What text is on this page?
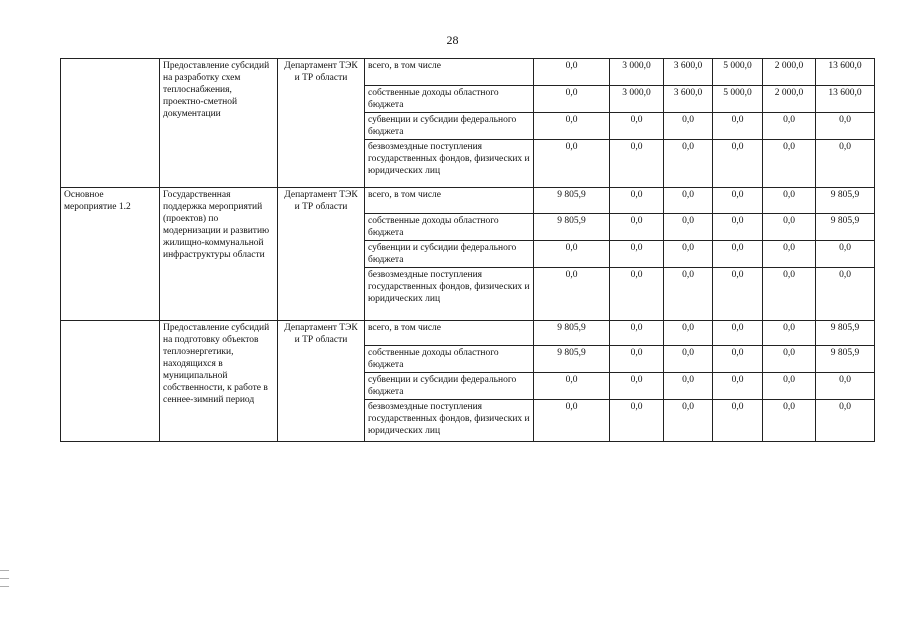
28
	Предоставление субсидий на разработку схем теплоснабжения, проектно-сметной документации	Департамент ТЭК и ТР области	всего, в том числе	0,0	3 000,0	3 600,0	5 000,0	2 000,0	13 600,0
			собственные доходы областного бюджета	0,0	3 000,0	3 600,0	5 000,0	2 000,0	13 600,0
			субвенции и субсидии федерального бюджета	0,0	0,0	0,0	0,0	0,0	0,0
			безвозмездные поступления государственных фондов, физических и юридических лиц	0,0	0,0	0,0	0,0	0,0	0,0
Основное мероприятие 1.2	Государственная поддержка мероприятий (проектов) по модернизации и развитию жилищно-коммунальной инфраструктуры области	Департамент ТЭК и ТР области	всего, в том числе	9 805,9	0,0	0,0	0,0	0,0	9 805,9
			собственные доходы областного бюджета	9 805,9	0,0	0,0	0,0	0,0	9 805,9
			субвенции и субсидии федерального бюджета	0,0	0,0	0,0	0,0	0,0	0,0
			безвозмездные поступления государственных фондов, физических и юридических лиц	0,0	0,0	0,0	0,0	0,0	0,0
	Предоставление субсидий на подготовку объектов теплоэнергетики, находящихся в муниципальной собственности, к работе в сеннее-зимний период	Департамент ТЭК и ТР области	всего, в том числе	9 805,9	0,0	0,0	0,0	0,0	9 805,9
			собственные доходы областного бюджета	9 805,9	0,0	0,0	0,0	0,0	9 805,9
			субвенции и субсидии федерального бюджета	0,0	0,0	0,0	0,0	0,0	0,0
			безвозмездные поступления государственных фондов, физических и юридических лиц	0,0	0,0	0,0	0,0	0,0	0,0
—
—
—
